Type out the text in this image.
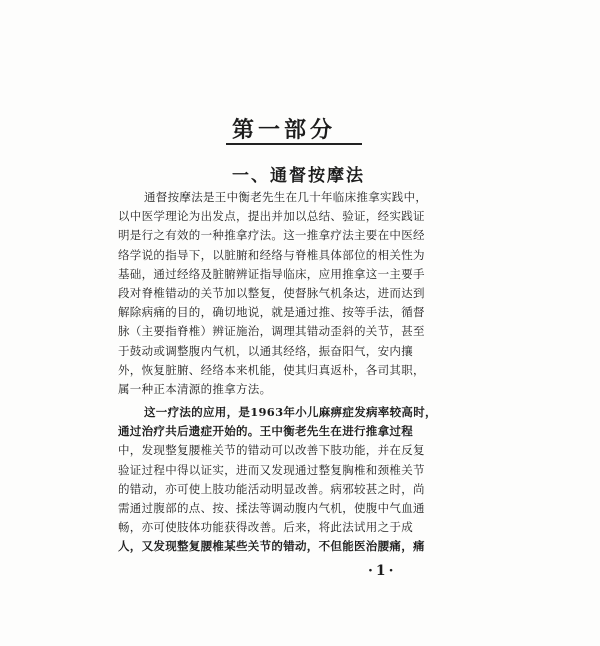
第一部分
一、通督按摩法
通督按摩法是王中衡老先生在几十年临床推拿实践中，
以中医学理论为出发点，提出并加以总结、验证，经实践证
明是行之有效的一种推拿疗法。这一推拿疗法主要在中医经
络学说的指导下，以脏腑和经络与脊椎具体部位的相关性为
基础，通过经络及脏腑辨证指导临床，应用推拿这一主要手
段对脊椎错动的关节加以整复，使督脉气机条达，进而达到
解除病痛的目的，确切地说，就是通过推、按等手法，循督
脉（主要指脊椎）辨证施治，调理其错动歪斜的关节，甚至
于鼓动或调整腹内气机，以通其经络，振奋阳气，安内攘
外，恢复脏腑、经络本来机能，使其归真返朴，各司其职，
属一种正本清源的推拿方法。
这一疗法的应用，是1963年小儿麻痹症发病率较高时，
通过治疗共后遗症开始的。王中衡老先生在进行推拿过程
中，发现整复腰椎关节的错动可以改善下肢功能，并在反复
验证过程中得以证实，进而又发现通过整复胸椎和颈椎关节
的错动，亦可使上肢功能活动明显改善。病邪较甚之时，尚
需通过腹部的点、按、揉法等调动腹内气机，使腹中气血通
畅，亦可使肢体功能获得改善。后来，将此法试用之于成
人，又发现整复腰椎某些关节的错动，不但能医治腰痛，痛
·1·
